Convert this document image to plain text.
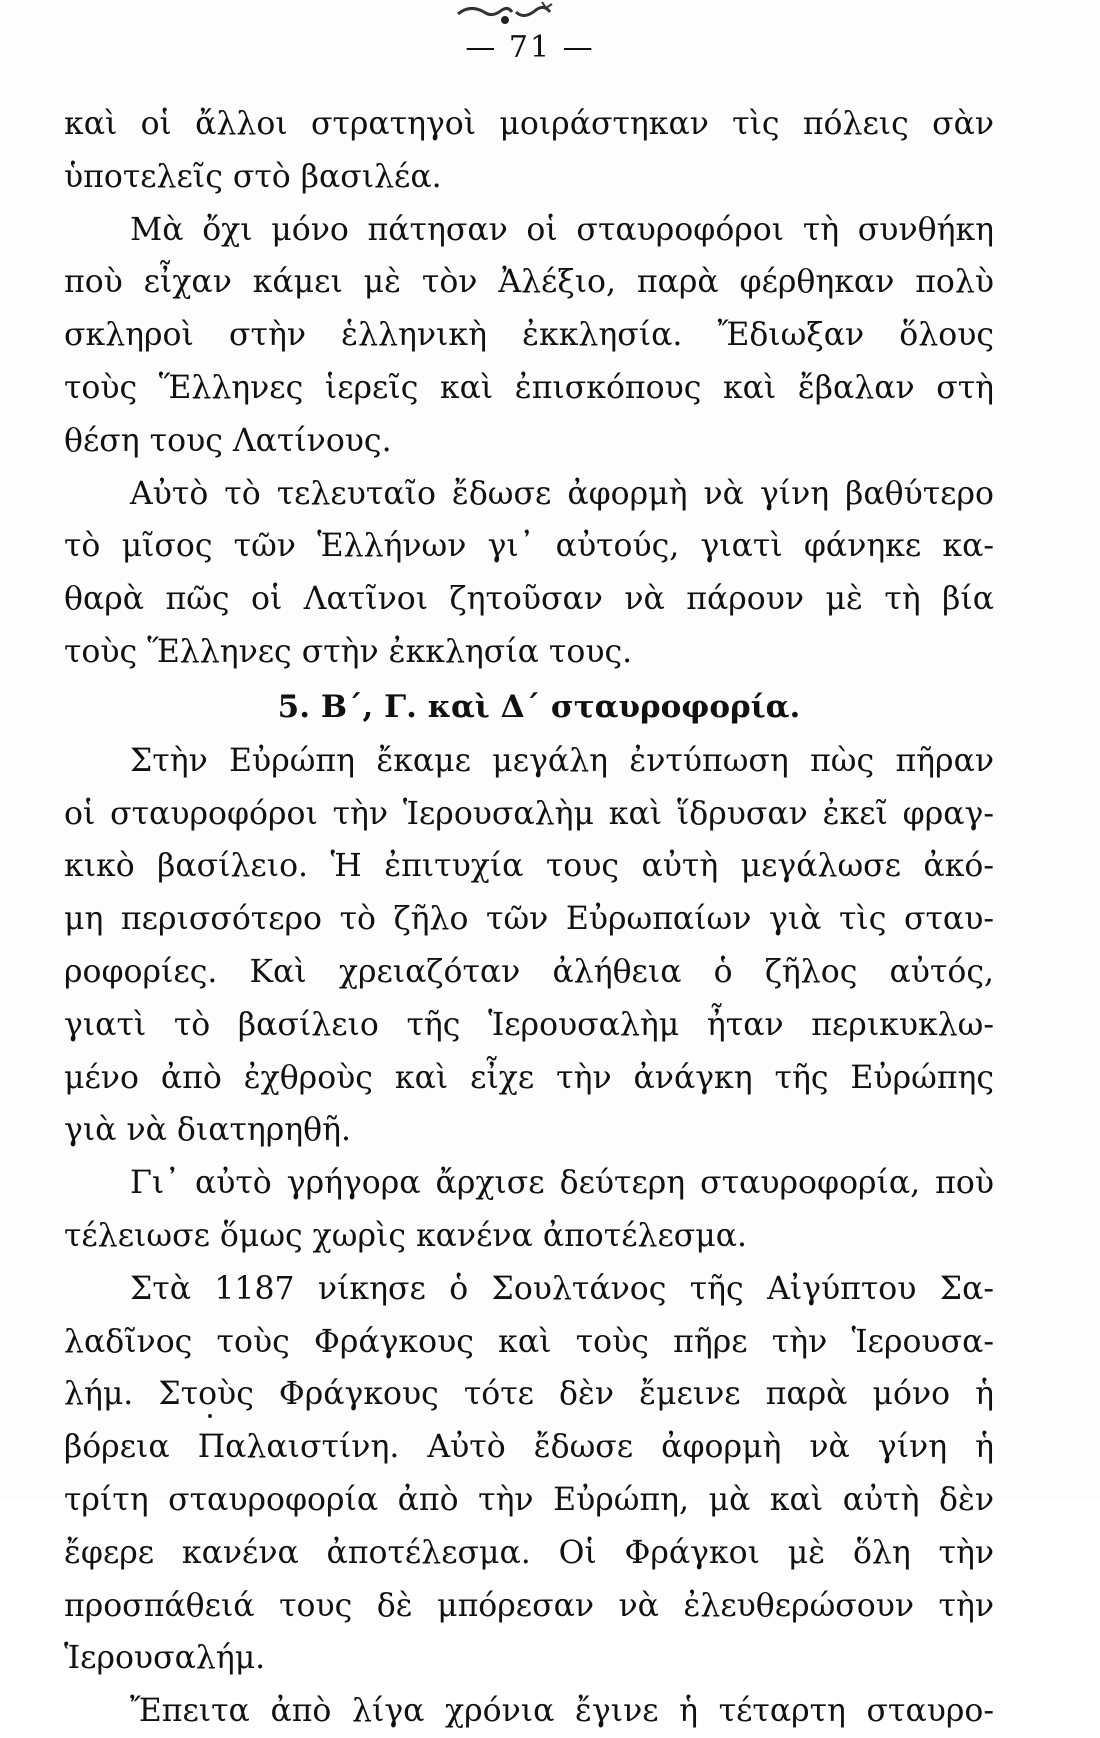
— 71 —
καὶ οἱ ἄλλοι στρατηγοὶ μοιράστηκαν τὶς πόλεις σὰν
ὑποτελεῖς στὸ βασιλέα.
Μὰ ὄχι μόνο πάτησαν οἱ σταυροφόροι τὴ συνθήκη
ποὺ εἶχαν κάμει μὲ τὸν Ἀλέξιο, παρὰ φέρθηκαν πολὺ
σκληροὶ στὴν ἑλληνικὴ ἐκκλησία. Ἔδιωξαν ὅλους
τοὺς Ἕλληνες ἱερεῖς καὶ ἐπισκόπους καὶ ἔβαλαν στὴ
θέση τους Λατίνους.
Αὐτὸ τὸ τελευταῖο ἔδωσε ἀφορμὴ νὰ γίνη βαθύτερο
τὸ μῖσος τῶν Ἑλλήνων γι᾽ αὐτούς, γιατὶ φάνηκε κα-
θαρὰ πῶς οἱ Λατῖνοι ζητοῦσαν νὰ πάρουν μὲ τὴ βία
τοὺς Ἕλληνες στὴν ἐκκλησία τους.
5. Β΄, Γ. καὶ Δ΄ σταυροφορία.
Στὴν Εὐρώπη ἔκαμε μεγάλη ἐντύπωση πὼς πῆραν
οἱ σταυροφόροι τὴν Ἱερουσαλὴμ καὶ ἵδρυσαν ἐκεῖ φραγ-
κικὸ βασίλειο. Ἡ ἐπιτυχία τους αὐτὴ μεγάλωσε ἀκό-
μη περισσότερο τὸ ζῆλο τῶν Εὐρωπαίων γιὰ τὶς σταυ-
ροφορίες. Καὶ χρειαζόταν ἀλήθεια ὁ ζῆλος αὐτός,
γιατὶ τὸ βασίλειο τῆς Ἱερουσαλὴμ ἦταν περικυκλω-
μένο ἀπὸ ἐχθροὺς καὶ εἶχε τὴν ἀνάγκη τῆς Εὐρώπης
γιὰ νὰ διατηρηθῆ.
Γι᾽ αὐτὸ γρήγορα ἄρχισε δεύτερη σταυροφορία, ποὺ
τέλειωσε ὅμως χωρὶς κανένα ἀποτέλεσμα.
Στὰ 1187 νίκησε ὁ Σουλτάνος τῆς Αἰγύπτου Σα-
λαδῖνος τοὺς Φράγκους καὶ τοὺς πῆρε τὴν Ἱερουσα-
λήμ. Στοὺς Φράγκους τότε δὲν ἔμεινε παρὰ μόνο ἡ
βόρεια Παλαιστίνη. Αὐτὸ ἔδωσε ἀφορμὴ νὰ γίνη ἡ
τρίτη σταυροφορία ἀπὸ τὴν Εὐρώπη, μὰ καὶ αὐτὴ δὲν
ἔφερε κανένα ἀποτέλεσμα. Οἱ Φράγκοι μὲ ὅλη τὴν
προσπάθειά τους δὲ μπόρεσαν νὰ ἐλευθερώσουν τὴν
Ἱερουσαλήμ.
Ἔπειτα ἀπὸ λίγα χρόνια ἔγινε ἡ τέταρτη σταυρο-
